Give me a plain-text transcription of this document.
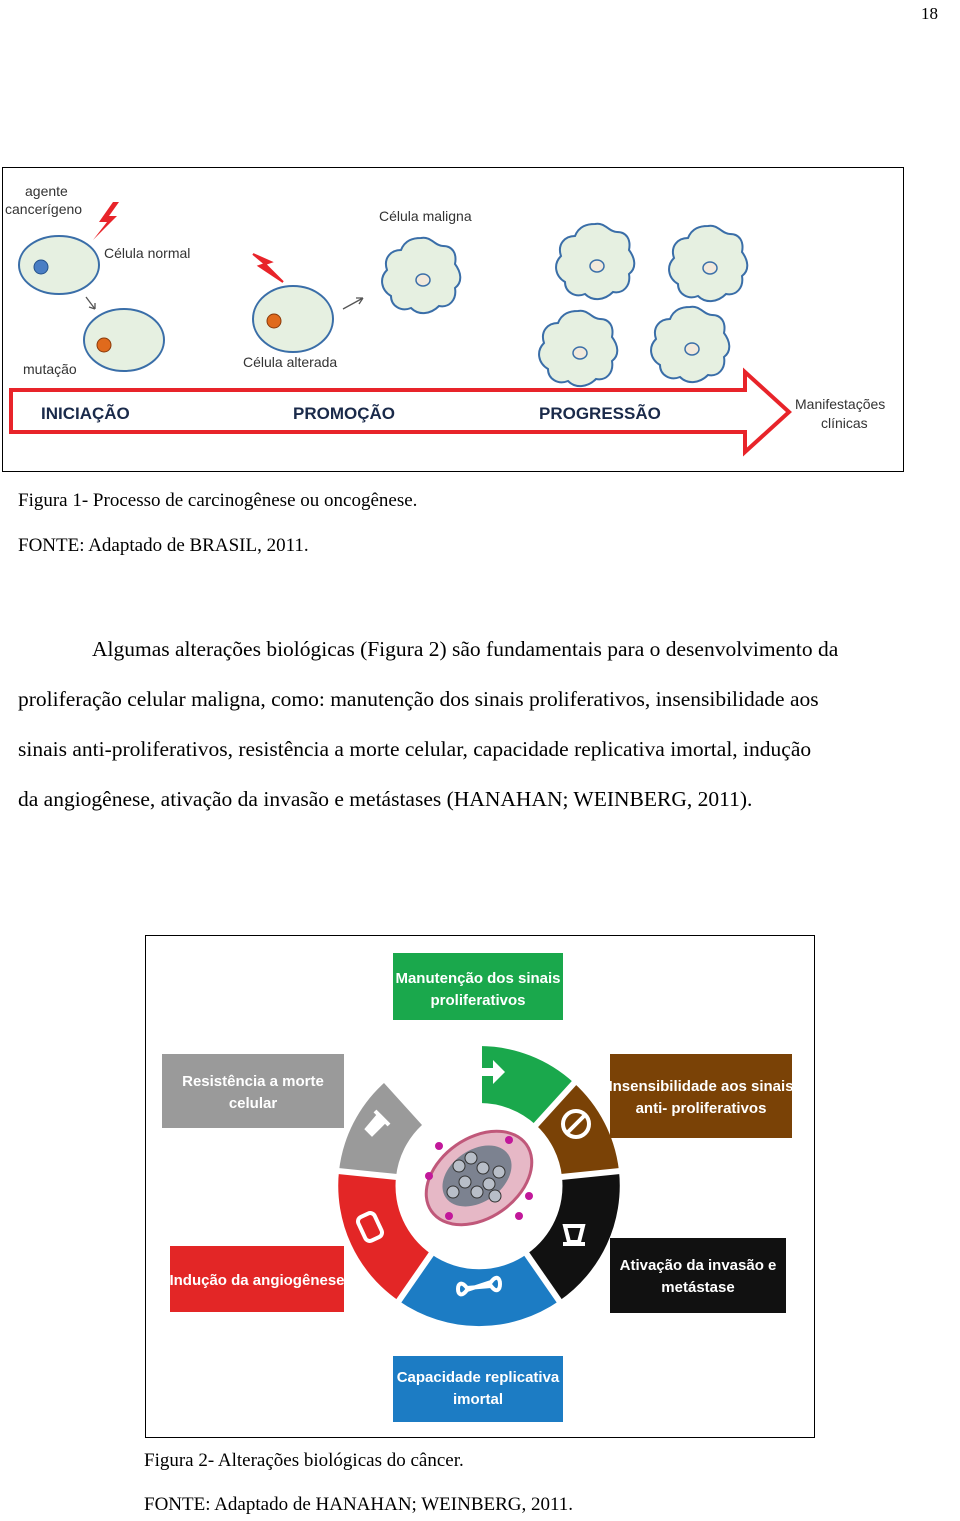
18
agente
cancerígeno
Célula normal
Célula maligna
mutação	Célula alterada
INICIAÇÃO	PROMOÇÃO	PROGRESSÃO	Manifestações
clínicas
Figura 1- Processo de carcinogênese ou oncogênese.
FONTE: Adaptado de BRASIL, 2011.
Algumas alterações biológicas (Figura 2) são fundamentais para o desenvolvimento da
proliferação celular maligna, como: manutenção dos sinais proliferativos, insensibilidade aos
sinais anti-proliferativos, resistência a morte celular, capacidade replicativa imortal, indução
da angiogênese, ativação da invasão e metástases (HANAHAN; WEINBERG, 2011).
Manutenção dos sinais
proliferativos
Resistência a morte
celular
Insensibilidade aos sinais
anti- proliferativos
Indução da angiogênese
Ativação da invasão e
metástase
Capacidade replicativa
imortal
Figura 2- Alterações biológicas do câncer.
FONTE: Adaptado de HANAHAN; WEINBERG, 2011.
